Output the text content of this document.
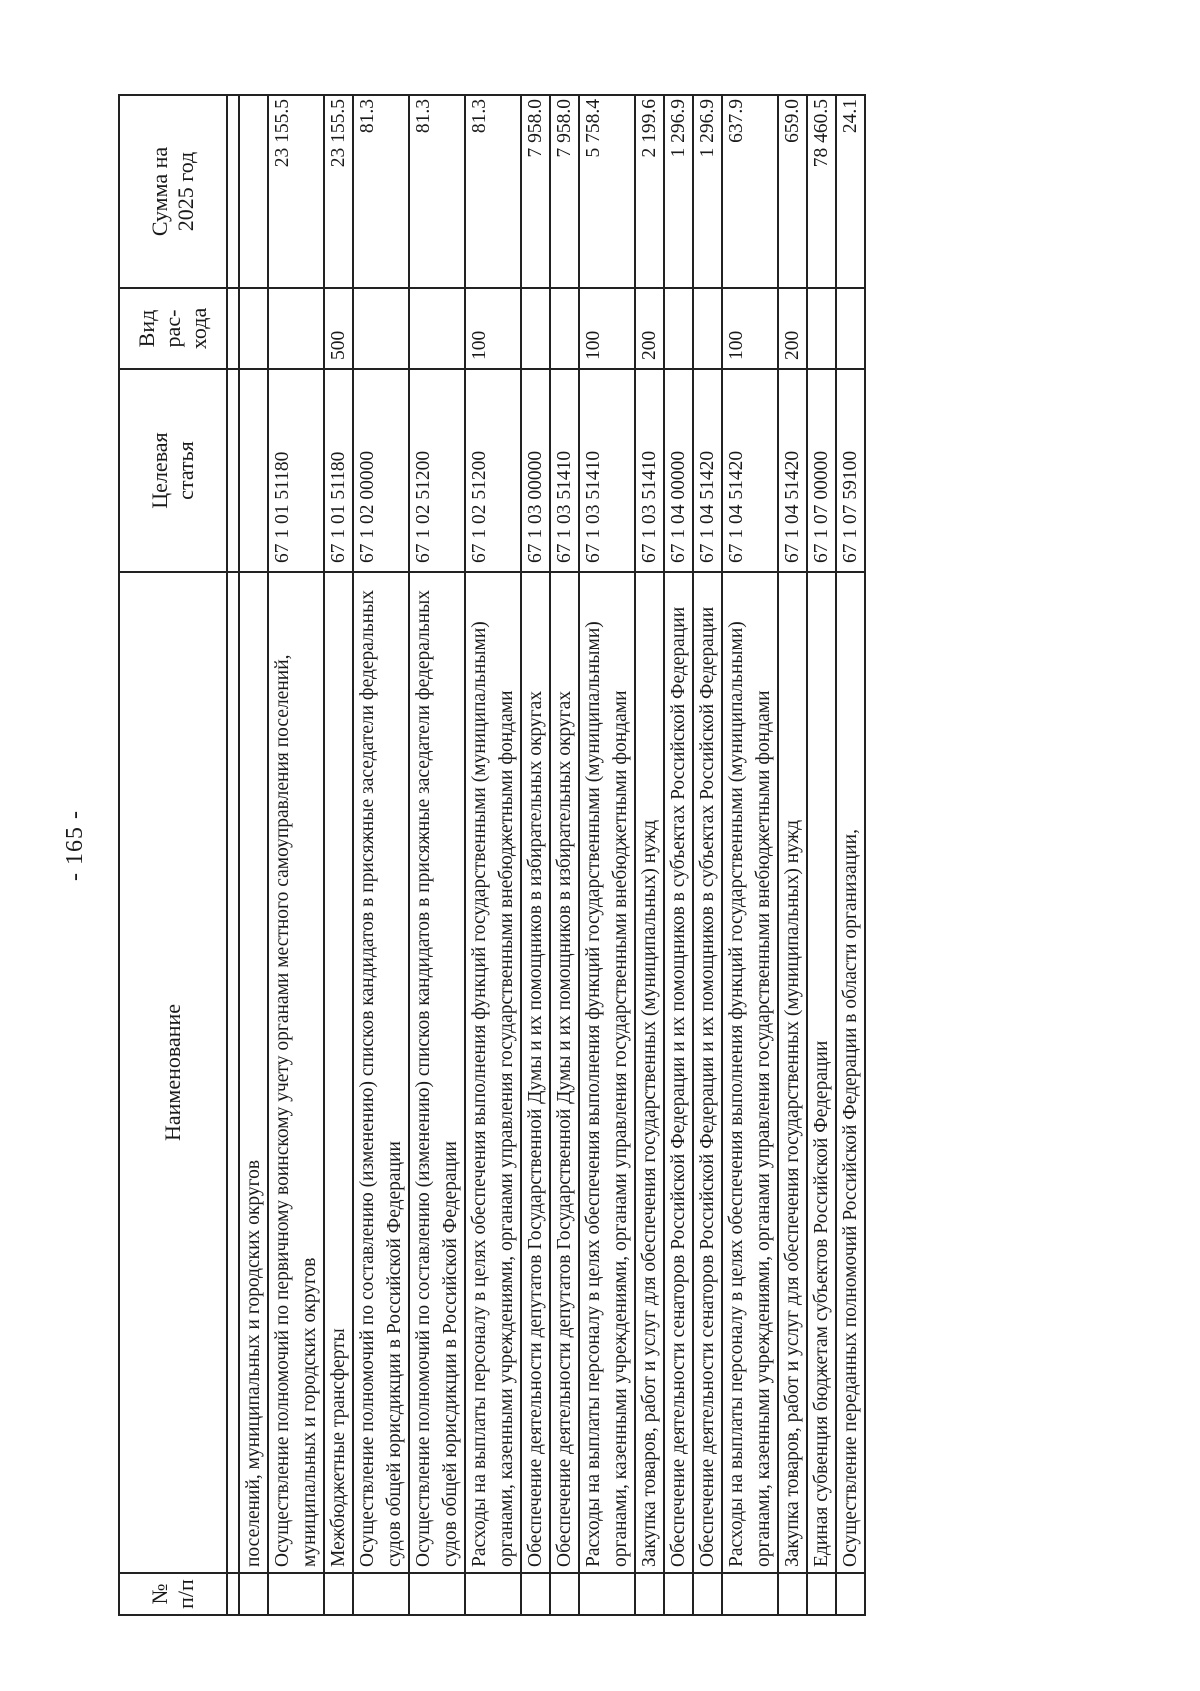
- 165 -
№ п/п	Наименование	Целевая статья	Вид рас- хода	Сумма на 2025 год

	поселений, муниципальных и городских округов			
	Осуществление полномочий по первичному воинскому учету органами местного самоуправления поселений, муниципальных и городских округов	67 1 01 51180		23 155.5
	Межбюджетные трансферты	67 1 01 51180	500	23 155.5
	Осуществление полномочий по составлению (изменению) списков кандидатов в присяжные заседатели федеральных судов общей юрисдикции в Российской Федерации	67 1 02 00000		81.3
	Осуществление полномочий по составлению (изменению) списков кандидатов в присяжные заседатели федеральных судов общей юрисдикции в Российской Федерации	67 1 02 51200		81.3
	Расходы на выплаты персоналу в целях обеспечения выполнения функций государственными (муниципальными) органами, казенными учреждениями, органами управления государственными внебюджетными фондами	67 1 02 51200	100	81.3
	Обеспечение деятельности депутатов Государственной Думы и их помощников в избирательных округах	67 1 03 00000		7 958.0
	Обеспечение деятельности депутатов Государственной Думы и их помощников в избирательных округах	67 1 03 51410		7 958.0
	Расходы на выплаты персоналу в целях обеспечения выполнения функций государственными (муниципальными) органами, казенными учреждениями, органами управления государственными внебюджетными фондами	67 1 03 51410	100	5 758.4
	Закупка товаров, работ и услуг для обеспечения государственных (муниципальных) нужд	67 1 03 51410	200	2 199.6
	Обеспечение деятельности сенаторов Российской Федерации и их помощников в субъектах Российской Федерации	67 1 04 00000		1 296.9
	Обеспечение деятельности сенаторов Российской Федерации и их помощников в субъектах Российской Федерации	67 1 04 51420		1 296.9
	Расходы на выплаты персоналу в целях обеспечения выполнения функций государственными (муниципальными) органами, казенными учреждениями, органами управления государственными внебюджетными фондами	67 1 04 51420	100	637.9
	Закупка товаров, работ и услуг для обеспечения государственных (муниципальных) нужд	67 1 04 51420	200	659.0
	Единая субвенция бюджетам субъектов Российской Федерации	67 1 07 00000		78 460.5
	Осуществление переданных полномочий Российской Федерации в области организации,	67 1 07 59100		24.1
